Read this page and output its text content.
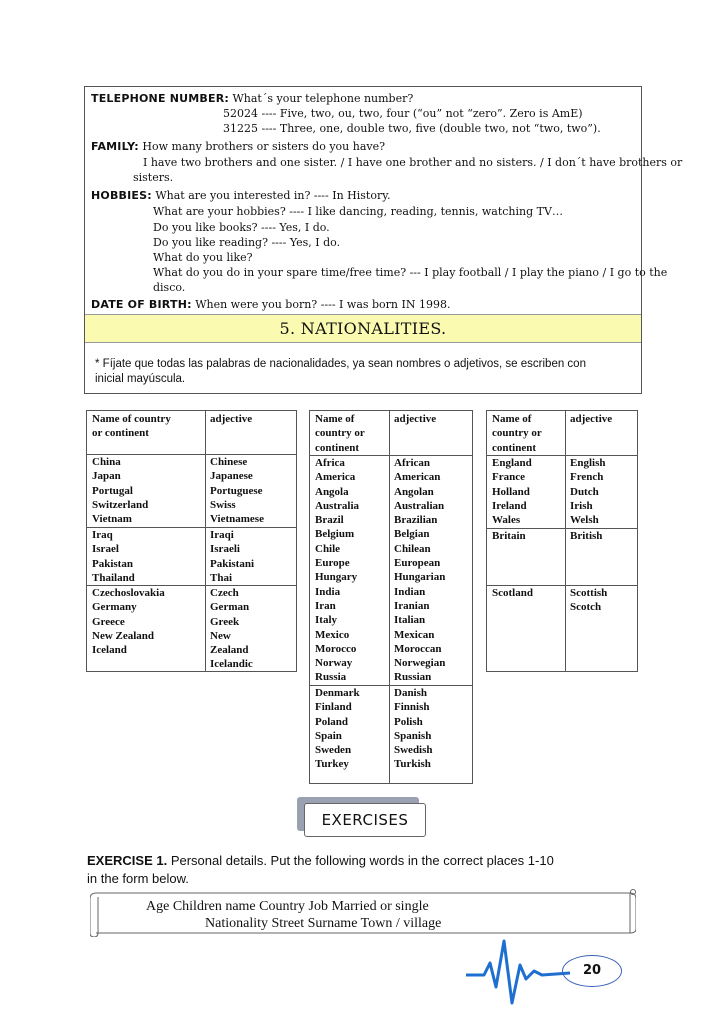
TELEPHONE NUMBER: What´s your telephone number?
52024 ---- Five, two, ou, two, four (“ou” not “zero”. Zero is AmE)
31225 ---- Three, one, double two, five (double two, not “two, two”).
FAMILY: How many brothers or sisters do you have?
I have two brothers and one sister. / I have one brother and no sisters. / I don´t have brothers or
sisters.
HOBBIES: What are you interested in? ---- In History.
What are your hobbies? ---- I like dancing, reading, tennis, watching TV…
Do you like books? ---- Yes, I do.
Do you like reading? ---- Yes, I do.
What do you like?
What do you do in your spare time/free time? --- I play football / I play the piano / I go to the
disco.
DATE OF BIRTH: When were you born? ---- I was born IN 1998.
5. NATIONALITIES.
* Fíjate que todas las palabras de nacionalidades, ya sean nombres o adjetivos, se escriben con
inicial mayúscula.
Name of country
or continent
adjective
China
Japan
Portugal
Switzerland
Vietnam
Chinese
Japanese
Portuguese
Swiss
Vietnamese
Iraq
Israel
Pakistan
Thailand
Iraqi
Israeli
Pakistani
Thai
Czechoslovakia
Germany
Greece
New Zealand
Iceland
Czech
German
Greek
New
Zealand
Icelandic
Name of
country or
continent
adjective
Africa
America
Angola
Australia
Brazil
Belgium
Chile
Europe
Hungary
India
Iran
Italy
Mexico
Morocco
Norway
Russia
African
American
Angolan
Australian
Brazilian
Belgian
Chilean
European
Hungarian
Indian
Iranian
Italian
Mexican
Moroccan
Norwegian
Russian
Denmark
Finland
Poland
Spain
Sweden
Turkey
Danish
Finnish
Polish
Spanish
Swedish
Turkish
Name of
country or
continent
adjective
England
France
Holland
Ireland
Wales
English
French
Dutch
Irish
Welsh
Britain	British
Scotland	Scottish
Scotch
EXERCISES
EXERCISE 1. Personal details. Put the following words in the correct places 1-10
in the form below.
Age Children name Country Job Married or single
Nationality Street Surname Town / village
20
